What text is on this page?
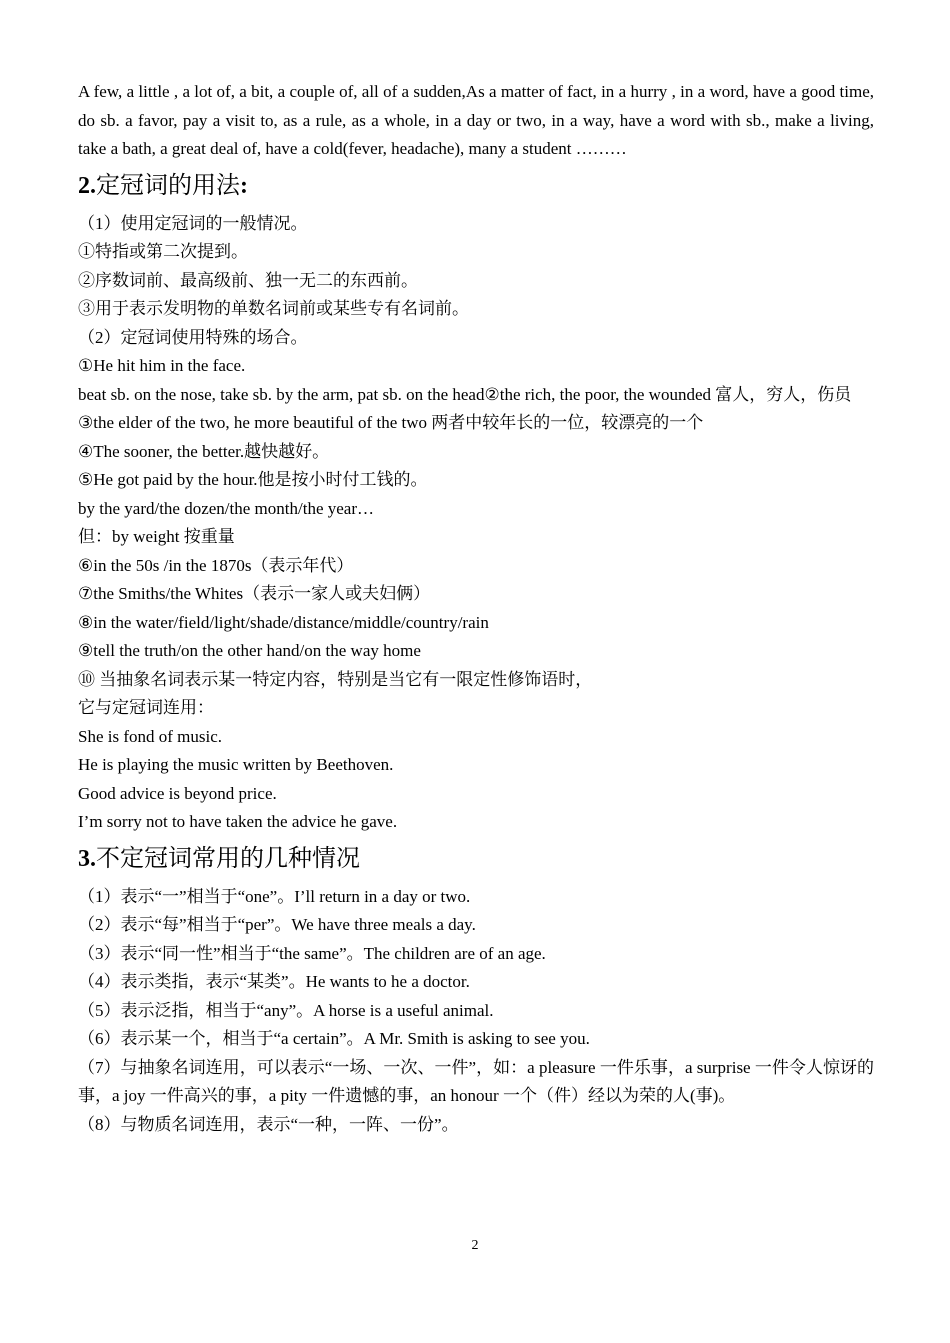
A few, a little , a lot of, a bit, a couple of, all of a sudden,As a matter of fact, in a hurry , in a word, have a good time, do sb. a favor, pay a visit to, as a rule, as a whole, in a day or two, in a way, have a word with sb., make a living, take a bath, a great deal of, have a cold(fever, headache), many a student ………

2.定冠词的用法:

（1）使用定冠词的一般情况。

①特指或第二次提到。

②序数词前、最高级前、独一无二的东西前。

③用于表示发明物的单数名词前或某些专有名词前。

（2）定冠词使用特殊的场合。

①He hit him in the face.

beat sb. on the nose, take sb. by the arm, pat sb. on the head②the rich, the poor, the wounded 富人，穷人，伤员

③the elder of the two, he more beautiful of the two 两者中较年长的一位，较漂亮的一个

④The sooner, the better.越快越好。

⑤He got paid by the hour.他是按小时付工钱的。

by the yard/the dozen/the month/the year…

但：by weight 按重量

⑥in the 50s /in the 1870s（表示年代）

⑦the Smiths/the Whites（表示一家人或夫妇俩）

⑧in the water/field/light/shade/distance/middle/country/rain

⑨tell the truth/on the other hand/on the way home

⑩ 当抽象名词表示某一特定内容，特别是当它有一限定性修饰语时，

它与定冠词连用：

She is fond of music.

He is playing the music written by Beethoven.

Good advice is beyond price.

I’m sorry not to have taken the advice he gave.

3.不定冠词常用的几种情况

（1）表示“一”相当于“one”。I’ll return in a day or two.

（2）表示“每”相当于“per”。We have three meals a day.

（3）表示“同一性”相当于“the same”。The children are of an age.

（4）表示类指，表示“某类”。He wants to he a doctor.

（5）表示泛指，相当于“any”。A horse is a useful animal.

（6）表示某一个，相当于“a certain”。A Mr. Smith is asking to see you.

（7）与抽象名词连用，可以表示“一场、一次、一件”，如：a pleasure 一件乐事，a surprise 一件令人惊讶的事，a joy 一件高兴的事，a pity 一件遗憾的事，an honour 一个（件）经以为荣的人(事)。

（8）与物质名词连用，表示“一种，一阵、一份”。

2
